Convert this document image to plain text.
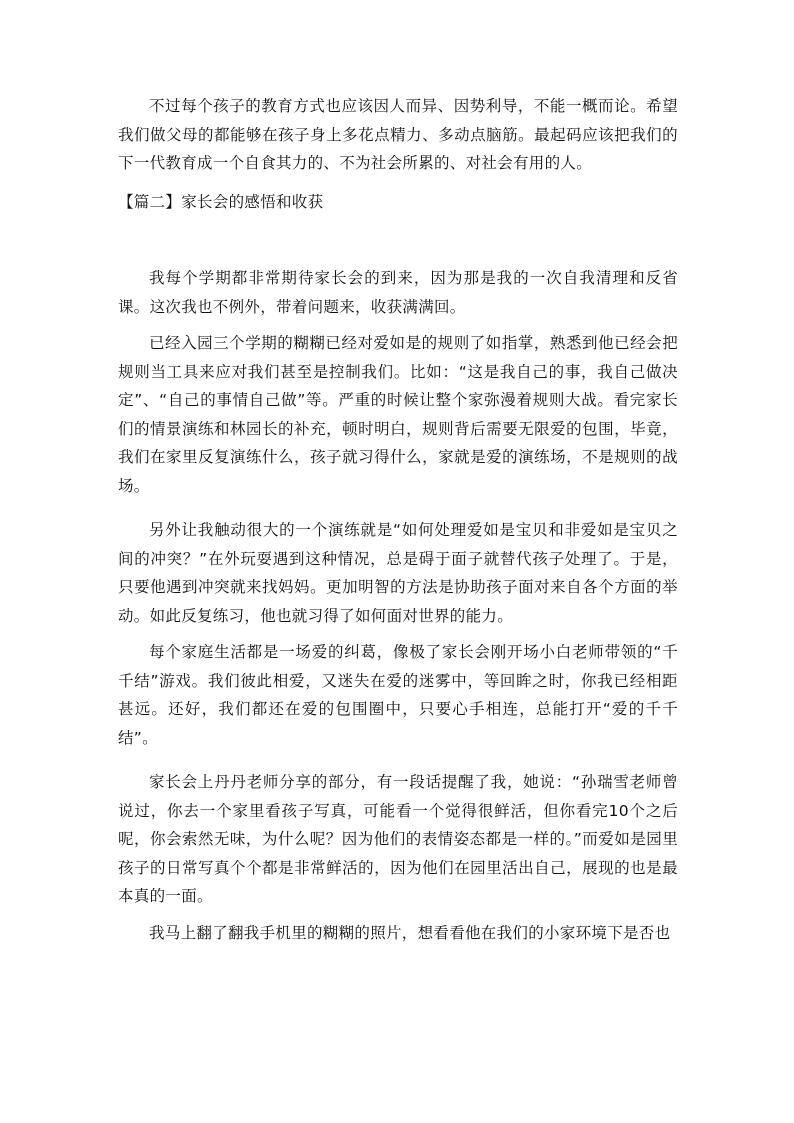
不过每个孩子的教育方式也应该因人而异、因势利导，不能一概而论。希望我们做父母的都能够在孩子身上多花点精力、多动点脑筋。最起码应该把我们的下一代教育成一个自食其力的、不为社会所累的、对社会有用的人。

【篇二】家长会的感悟和收获

我每个学期都非常期待家长会的到来，因为那是我的一次自我清理和反省课。这次我也不例外，带着问题来，收获满满回。

已经入园三个学期的糊糊已经对爱如是的规则了如指掌，熟悉到他已经会把规则当工具来应对我们甚至是控制我们。比如：“这是我自己的事，我自己做决定”、“自己的事情自己做”等。严重的时候让整个家弥漫着规则大战。看完家长们的情景演练和林园长的补充，顿时明白，规则背后需要无限爱的包围，毕竟，我们在家里反复演练什么，孩子就习得什么，家就是爱的演练场，不是规则的战场。

另外让我触动很大的一个演练就是“如何处理爱如是宝贝和非爱如是宝贝之间的冲突？”在外玩耍遇到这种情况，总是碍于面子就替代孩子处理了。于是，只要他遇到冲突就来找妈妈。更加明智的方法是协助孩子面对来自各个方面的举动。如此反复练习，他也就习得了如何面对世界的能力。

每个家庭生活都是一场爱的纠葛，像极了家长会刚开场小白老师带领的“千千结”游戏。我们彼此相爱，又迷失在爱的迷雾中，等回眸之时，你我已经相距甚远。还好，我们都还在爱的包围圈中，只要心手相连，总能打开“爱的千千结”。

家长会上丹丹老师分享的部分，有一段话提醒了我，她说：“孙瑞雪老师曾说过，你去一个家里看孩子写真，可能看一个觉得很鲜活，但你看完10个之后呢，你会索然无味，为什么呢？因为他们的表情姿态都是一样的。”而爱如是园里孩子的日常写真个个都是非常鲜活的，因为他们在园里活出自己，展现的也是最本真的一面。

我马上翻了翻我手机里的糊糊的照片，想看看他在我们的小家环境下是否也
